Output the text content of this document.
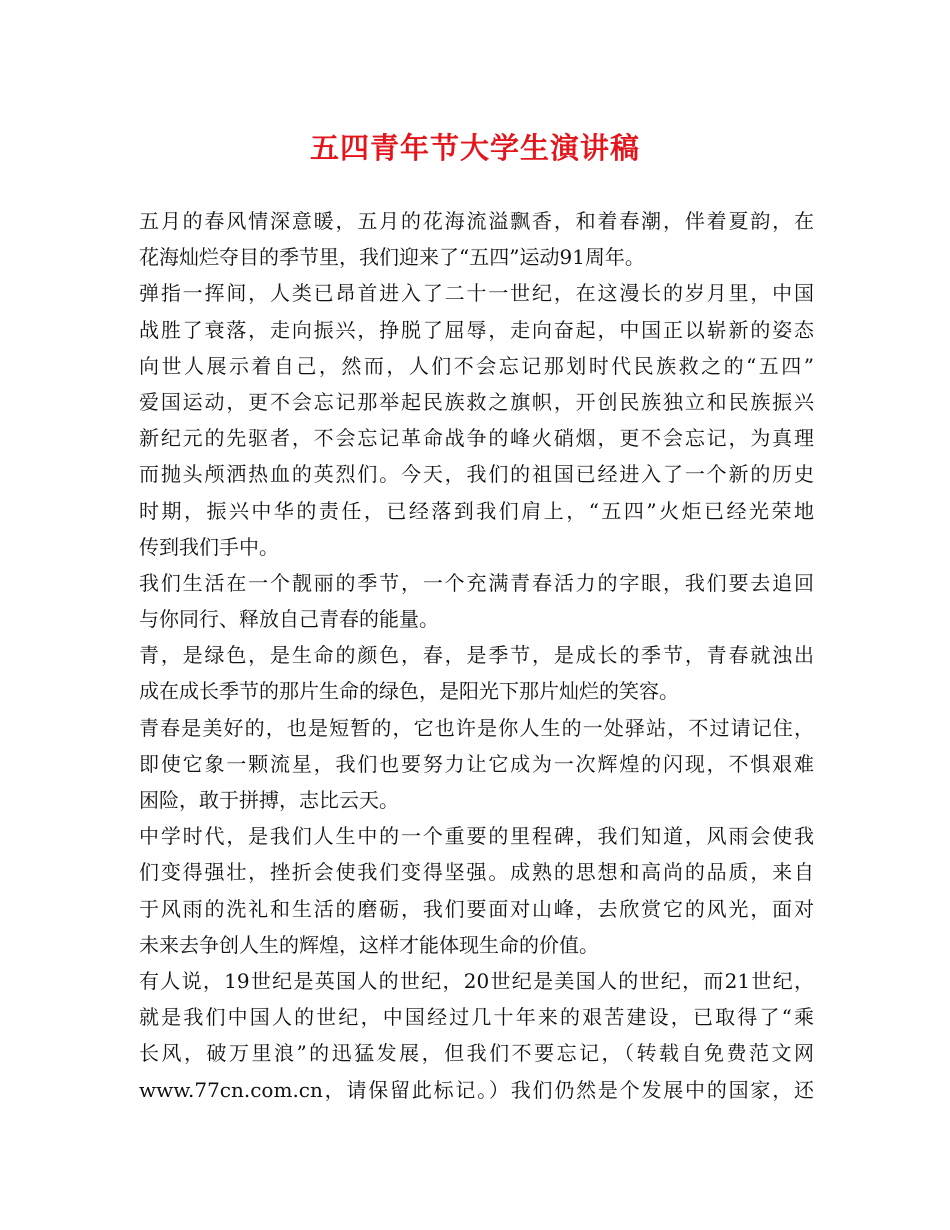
五四青年节大学生演讲稿
五月的春风情深意暖，五月的花海流溢飘香，和着春潮，伴着夏韵，在
花海灿烂夺目的季节里，我们迎来了“五四”运动91周年。
弹指一挥间，人类已昂首进入了二十一世纪，在这漫长的岁月里，中国
战胜了衰落，走向振兴，挣脱了屈辱，走向奋起，中国正以崭新的姿态
向世人展示着自己，然而，人们不会忘记那划时代民族救之的“五四”
爱国运动，更不会忘记那举起民族救之旗帜，开创民族独立和民族振兴
新纪元的先驱者，不会忘记革命战争的峰火硝烟，更不会忘记，为真理
而抛头颅洒热血的英烈们。今天，我们的祖国已经进入了一个新的历史
时期，振兴中华的责任，已经落到我们肩上，“五四”火炬已经光荣地
传到我们手中。
我们生活在一个靓丽的季节，一个充满青春活力的字眼，我们要去追回
与你同行、释放自己青春的能量。
青，是绿色，是生命的颜色，春，是季节，是成长的季节，青春就浊出
成在成长季节的那片生命的绿色，是阳光下那片灿烂的笑容。
青春是美好的，也是短暂的，它也许是你人生的一处驿站，不过请记住，
即使它象一颗流星，我们也要努力让它成为一次辉煌的闪现，不惧艰难
困险，敢于拼搏，志比云天。
中学时代，是我们人生中的一个重要的里程碑，我们知道，风雨会使我
们变得强壮，挫折会使我们变得坚强。成熟的思想和高尚的品质，来自
于风雨的洗礼和生活的磨砺，我们要面对山峰，去欣赏它的风光，面对
未来去争创人生的辉煌，这样才能体现生命的价值。
有人说，19世纪是英国人的世纪，20世纪是美国人的世纪，而21世纪，
就是我们中国人的世纪，中国经过几十年来的艰苦建设，已取得了“乘
长风，破万里浪”的迅猛发展，但我们不要忘记，（转载自免费范文网
www.77cn.com.cn，请保留此标记。）我们仍然是个发展中的国家，还
